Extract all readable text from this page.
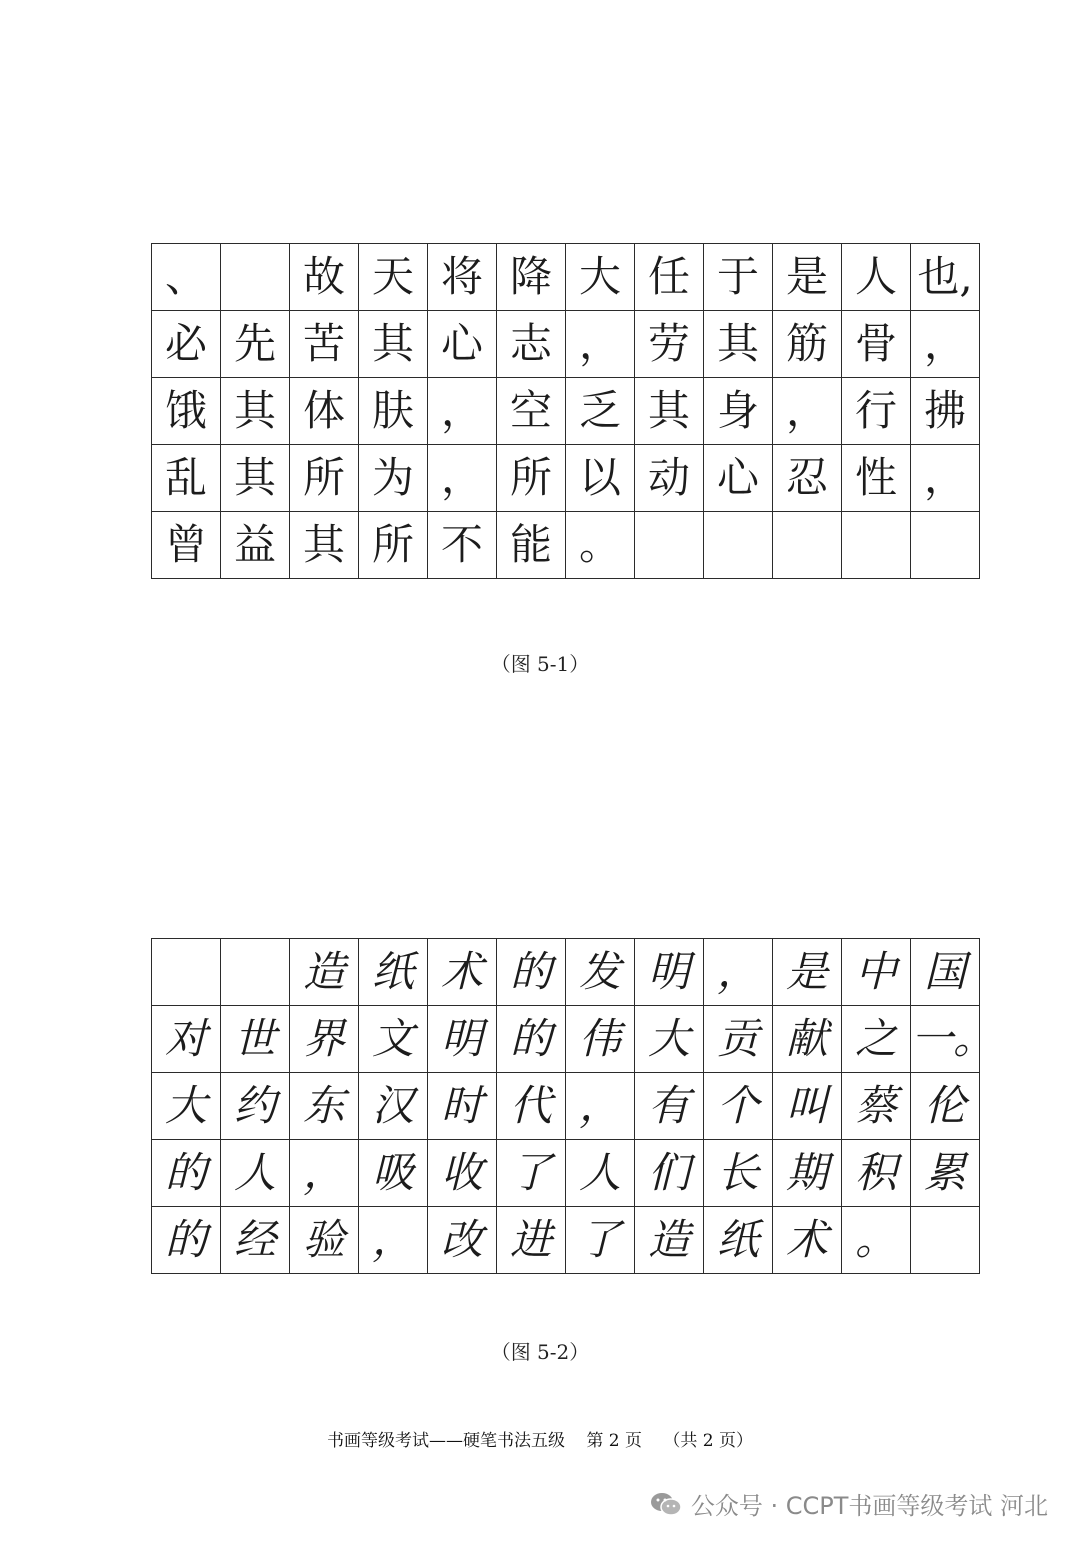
、		故	天	将	降	大	任	于	是	人	也,
必	先	苦	其	心	志	，	劳	其	筋	骨	，
饿	其	体	肤	，	空	乏	其	身	，	行	拂
乱	其	所	为	，	所	以	动	心	忍	性	，
曾	益	其	所	不	能	。					
（图 5-1）
		造	纸	术	的	发	明	，	是	中	国
对	世	界	文	明	的	伟	大	贡	献	之	一。
大	约	东	汉	时	代	，	有	个	叫	蔡	伦
的	人	，	吸	收	了	人	们	长	期	积	累
的	经	验	，	改	进	了	造	纸	术	。	
（图 5-2）
书画等级考试——硬笔书法五级 第 2 页 （共 2 页）
公众号 · CCPT书画等级考试 河北
